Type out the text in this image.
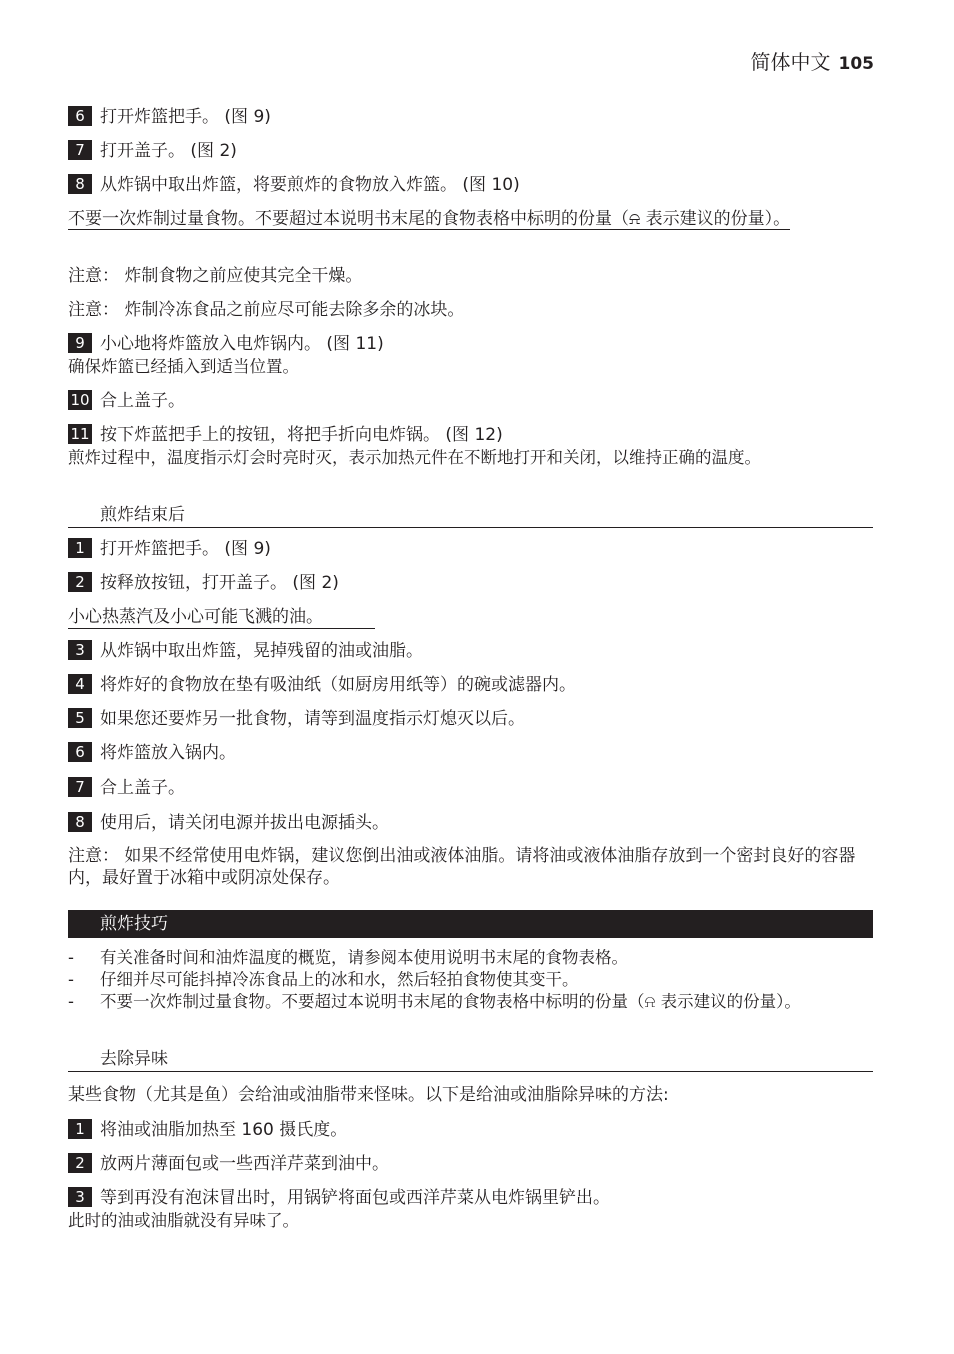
简体中文 105
6 打开炸篮把手。 (图 9)
7 打开盖子。 (图 2)
8 从炸锅中取出炸篮，将要煎炸的食物放入炸篮。 (图 10)
不要一次炸制过量食物。不要超过本说明书末尾的食物表格中标明的份量（⍾ 表示建议的份量）。
注意： 炸制食物之前应使其完全干燥。
注意： 炸制冷冻食品之前应尽可能去除多余的冰块。
9 小心地将炸篮放入电炸锅内。 (图 11)
确保炸篮已经插入到适当位置。
10 合上盖子。
11 按下炸蓝把手上的按钮，将把手折向电炸锅。 (图 12)
煎炸过程中，温度指示灯会时亮时灭，表示加热元件在不断地打开和关闭，以维持正确的温度。
煎炸结束后
1 打开炸篮把手。 (图 9)
2 按释放按钮，打开盖子。 (图 2)
小心热蒸汽及小心可能飞溅的油。
3 从炸锅中取出炸篮，晃掉残留的油或油脂。
4 将炸好的食物放在垫有吸油纸（如厨房用纸等）的碗或滤器内。
5 如果您还要炸另一批食物，请等到温度指示灯熄灭以后。
6 将炸篮放入锅内。
7 合上盖子。
8 使用后，请关闭电源并拔出电源插头。
注意： 如果不经常使用电炸锅，建议您倒出油或液体油脂。请将油或液体油脂存放到一个密封良好的容器内，最好置于冰箱中或阴凉处保存。
煎炸技巧
- 有关准备时间和油炸温度的概览，请参阅本使用说明书末尾的食物表格。
- 仔细并尽可能抖掉冷冻食品上的冰和水，然后轻拍食物使其变干。
- 不要一次炸制过量食物。不要超过本说明书末尾的食物表格中标明的份量（⍾ 表示建议的份量）。
去除异味
某些食物（尤其是鱼）会给油或油脂带来怪味。以下是给油或油脂除异味的方法:
1 将油或油脂加热至 160 摄氏度。
2 放两片薄面包或一些西洋芹菜到油中。
3 等到再没有泡沫冒出时，用锅铲将面包或西洋芹菜从电炸锅里铲出。
此时的油或油脂就没有异味了。
